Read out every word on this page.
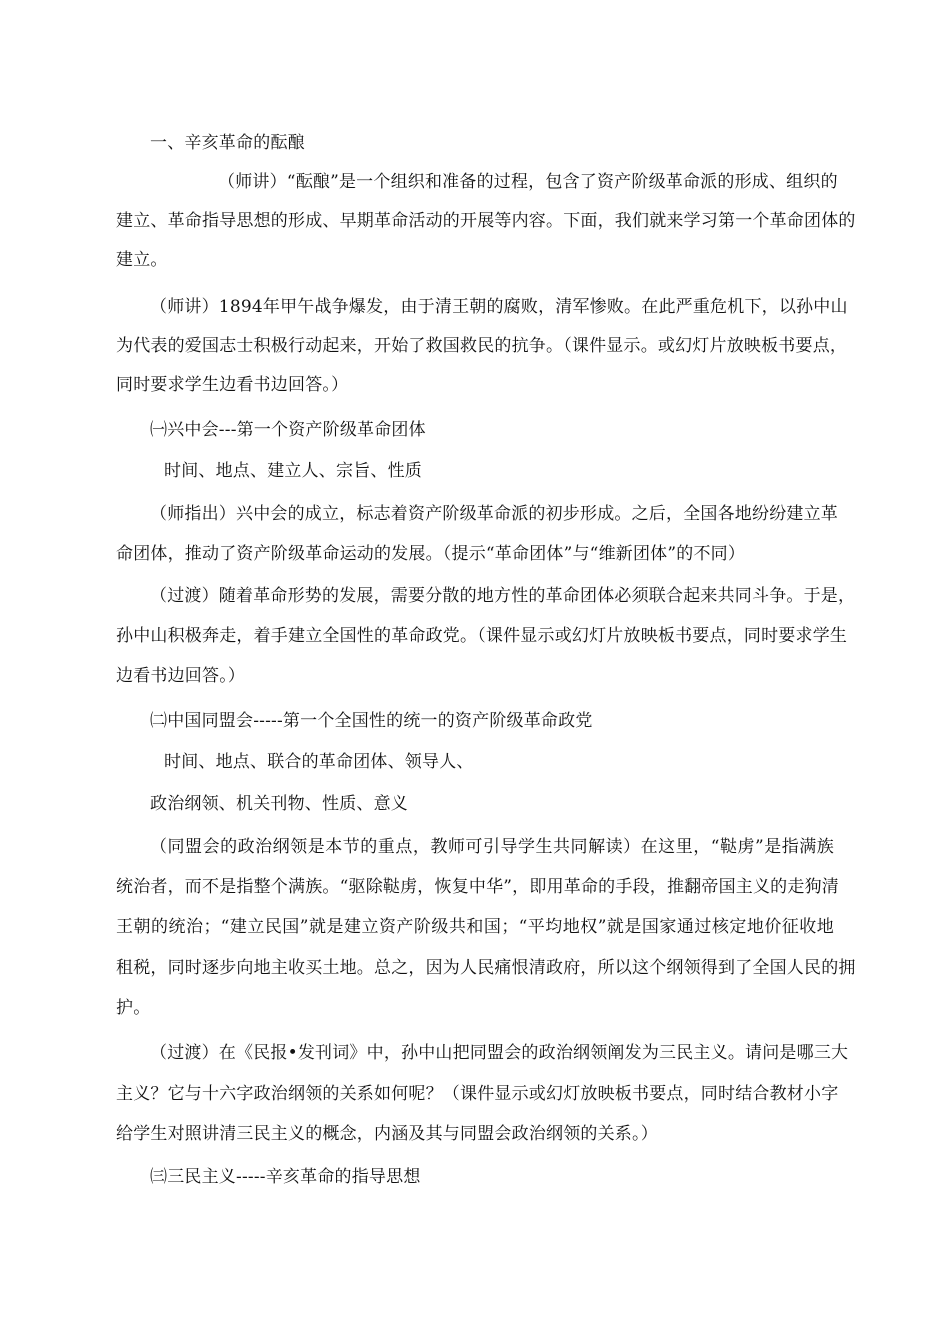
一、辛亥革命的酝酿
（师讲）“酝酿”是一个组织和准备的过程，包含了资产阶级革命派的形成、组织的
建立、革命指导思想的形成、早期革命活动的开展等内容。下面，我们就来学习第一个革命团体的
建立。
（师讲）1894年甲午战争爆发，由于清王朝的腐败，清军惨败。在此严重危机下，以孙中山
为代表的爱国志士积极行动起来，开始了救国救民的抗争。（课件显示。或幻灯片放映板书要点，
同时要求学生边看书边回答。）
㈠兴中会---第一个资产阶级革命团体
时间、地点、建立人、宗旨、性质
（师指出）兴中会的成立，标志着资产阶级革命派的初步形成。之后，全国各地纷纷建立革
命团体，推动了资产阶级革命运动的发展。（提示“革命团体”与“维新团体”的不同）
（过渡）随着革命形势的发展，需要分散的地方性的革命团体必须联合起来共同斗争。于是，
孙中山积极奔走，着手建立全国性的革命政党。（课件显示或幻灯片放映板书要点，同时要求学生
边看书边回答。）
㈡中国同盟会-----第一个全国性的统一的资产阶级革命政党
时间、地点、联合的革命团体、领导人、
政治纲领、机关刊物、性质、意义
（同盟会的政治纲领是本节的重点，教师可引导学生共同解读）在这里，“鞑虏”是指满族
统治者，而不是指整个满族。“驱除鞑虏，恢复中华”，即用革命的手段，推翻帝国主义的走狗清
王朝的统治；“建立民国”就是建立资产阶级共和国；“平均地权”就是国家通过核定地价征收地
租税，同时逐步向地主收买土地。总之，因为人民痛恨清政府，所以这个纲领得到了全国人民的拥
护。
（过渡）在《民报•发刊词》中，孙中山把同盟会的政治纲领阐发为三民主义。请问是哪三大
主义？它与十六字政治纲领的关系如何呢？（课件显示或幻灯放映板书要点，同时结合教材小字
给学生对照讲清三民主义的概念，内涵及其与同盟会政治纲领的关系。）
㈢三民主义-----辛亥革命的指导思想
